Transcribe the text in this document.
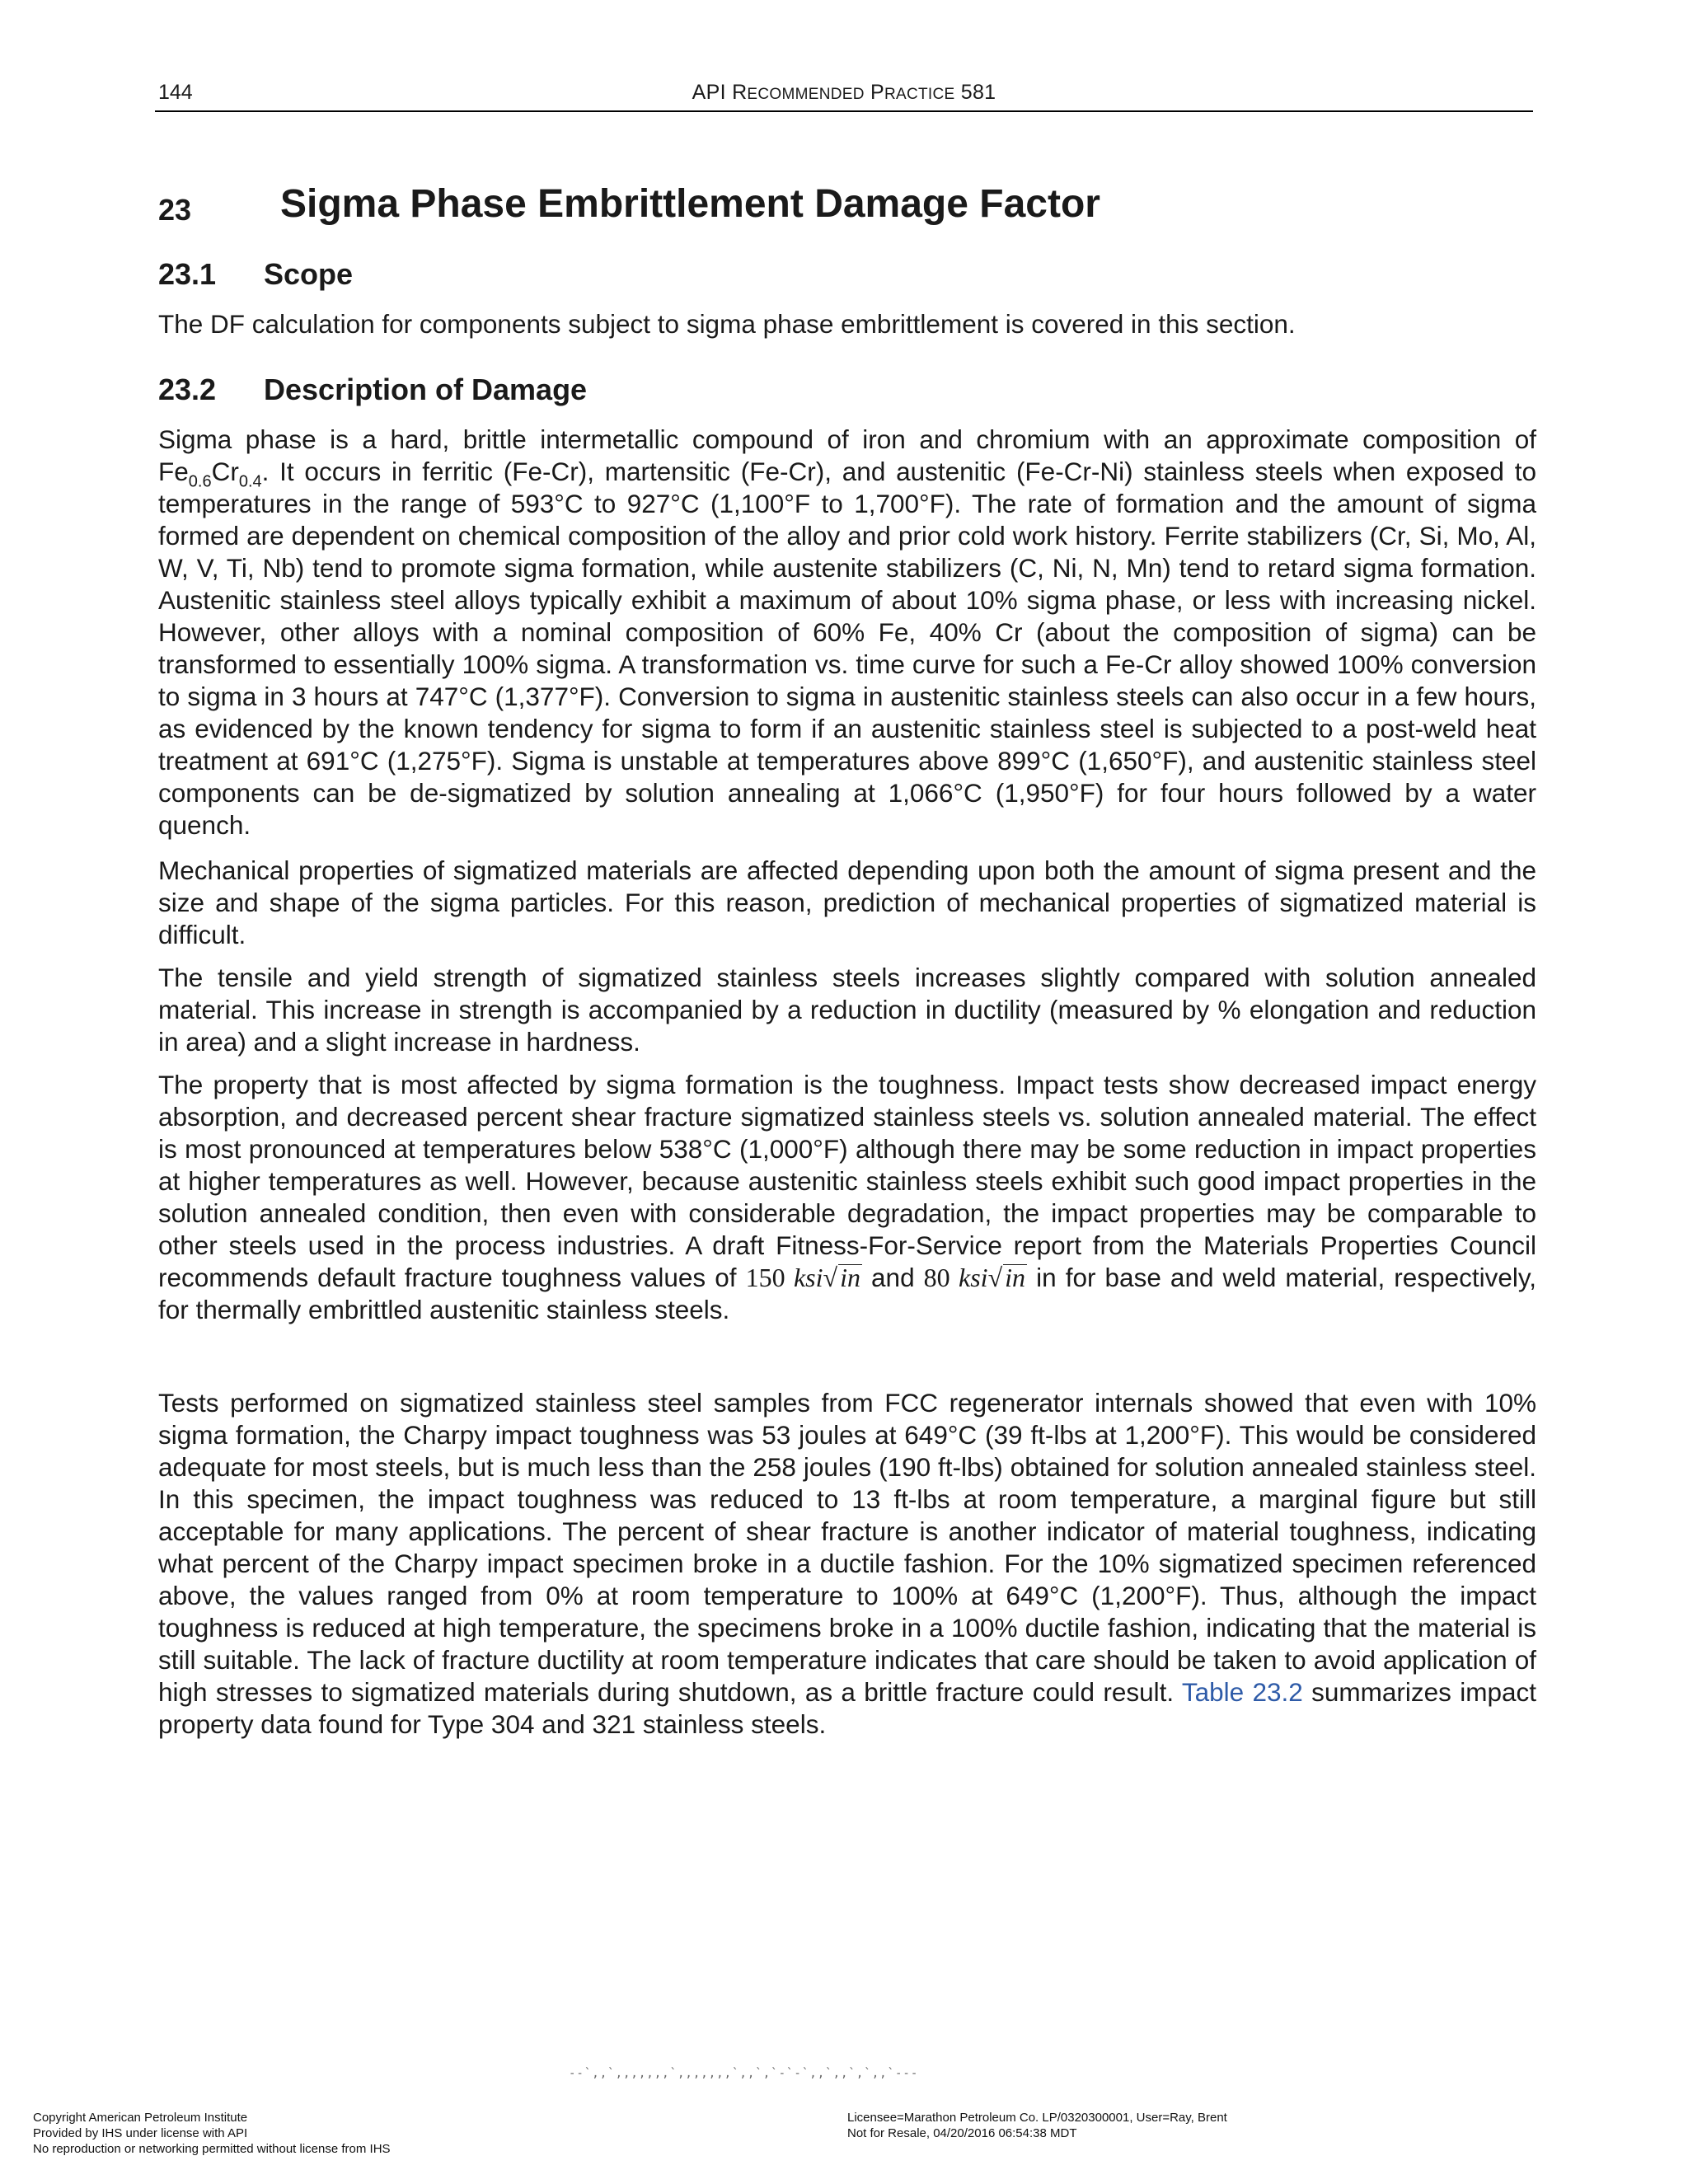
144	API RECOMMENDED PRACTICE 581
23 Sigma Phase Embrittlement Damage Factor
23.1 Scope

The DF calculation for components subject to sigma phase embrittlement is covered in this section.

23.2 Description of Damage

Sigma phase is a hard, brittle intermetallic compound of iron and chromium with an approximate composition of $Fe_{0.6}Cr_{0.4}$. It occurs in ferritic (Fe-Cr), martensitic (Fe-Cr), and austenitic (Fe-Cr-Ni) stainless steels when exposed to temperatures in the range of 593°C to 927°C (1,100°F to 1,700°F). The rate of formation and the amount of sigma formed are dependent on chemical composition of the alloy and prior cold work history. Ferrite stabilizers (Cr, Si, Mo, Al, W, V, Ti, Nb) tend to promote sigma formation, while austenite stabilizers (C, Ni, N, Mn) tend to retard sigma formation. Austenitic stainless steel alloys typically exhibit a maximum of about 10% sigma phase, or less with increasing nickel. However, other alloys with a nominal composition of 60% Fe, 40% Cr (about the composition of sigma) can be transformed to essentially 100% sigma. A transformation vs. time curve for such a Fe-Cr alloy showed 100% conversion to sigma in 3 hours at 747°C (1,377°F). Conversion to sigma in austenitic stainless steels can also occur in a few hours, as evidenced by the known tendency for sigma to form if an austenitic stainless steel is subjected to a post-weld heat treatment at 691°C (1,275°F). Sigma is unstable at temperatures above 899°C (1,650°F), and austenitic stainless steel components can be de-sigmatized by solution annealing at 1,066°C (1,950°F) for four hours followed by a water quench.

Mechanical properties of sigmatized materials are affected depending upon both the amount of sigma present and the size and shape of the sigma particles. For this reason, prediction of mechanical properties of sigmatized material is difficult.

The tensile and yield strength of sigmatized stainless steels increases slightly compared with solution annealed material. This increase in strength is accompanied by a reduction in ductility (measured by % elongation and reduction in area) and a slight increase in hardness.

The property that is most affected by sigma formation is the toughness. Impact tests show decreased impact energy absorption, and decreased percent shear fracture sigmatized stainless steels vs. solution annealed material. The effect is most pronounced at temperatures below 538°C (1,000°F) although there may be some reduction in impact properties at higher temperatures as well. However, because austenitic stainless steels exhibit such good impact properties in the solution annealed condition, then even with considerable degradation, the impact properties may be comparable to other steels used in the process industries. A draft Fitness-For-Service report from the Materials Properties Council recommends default fracture toughness values of 150 ksi√in and 80 ksi√in in for base and weld material, respectively, for thermally embrittled austenitic stainless steels.

Tests performed on sigmatized stainless steel samples from FCC regenerator internals showed that even with 10% sigma formation, the Charpy impact toughness was 53 joules at 649°C (39 ft-lbs at 1,200°F). This would be considered adequate for most steels, but is much less than the 258 joules (190 ft-lbs) obtained for solution annealed stainless steel. In this specimen, the impact toughness was reduced to 13 ft-lbs at room temperature, a marginal figure but still acceptable for many applications. The percent of shear fracture is another indicator of material toughness, indicating what percent of the Charpy impact specimen broke in a ductile fashion. For the 10% sigmatized specimen referenced above, the values ranged from 0% at room temperature to 100% at 649°C (1,200°F). Thus, although the impact toughness is reduced at high temperature, the specimens broke in a 100% ductile fashion, indicating that the material is still suitable. The lack of fracture ductility at room temperature indicates that care should be taken to avoid application of high stresses to sigmatized materials during shutdown, as a brittle fracture could result. Table 23.2 summarizes impact property data found for Type 304 and 321 stainless steels.

--`,,`,,,,,,,`,,,,,,,`,,`,`-`-`,,`,,`,`,,`---
Copyright American Petroleum Institute
Provided by IHS under license with API
No reproduction or networking permitted without license from IHS
Licensee=Marathon Petroleum Co. LP/0320300001, User=Ray, Brent
Not for Resale, 04/20/2016 06:54:38 MDT
